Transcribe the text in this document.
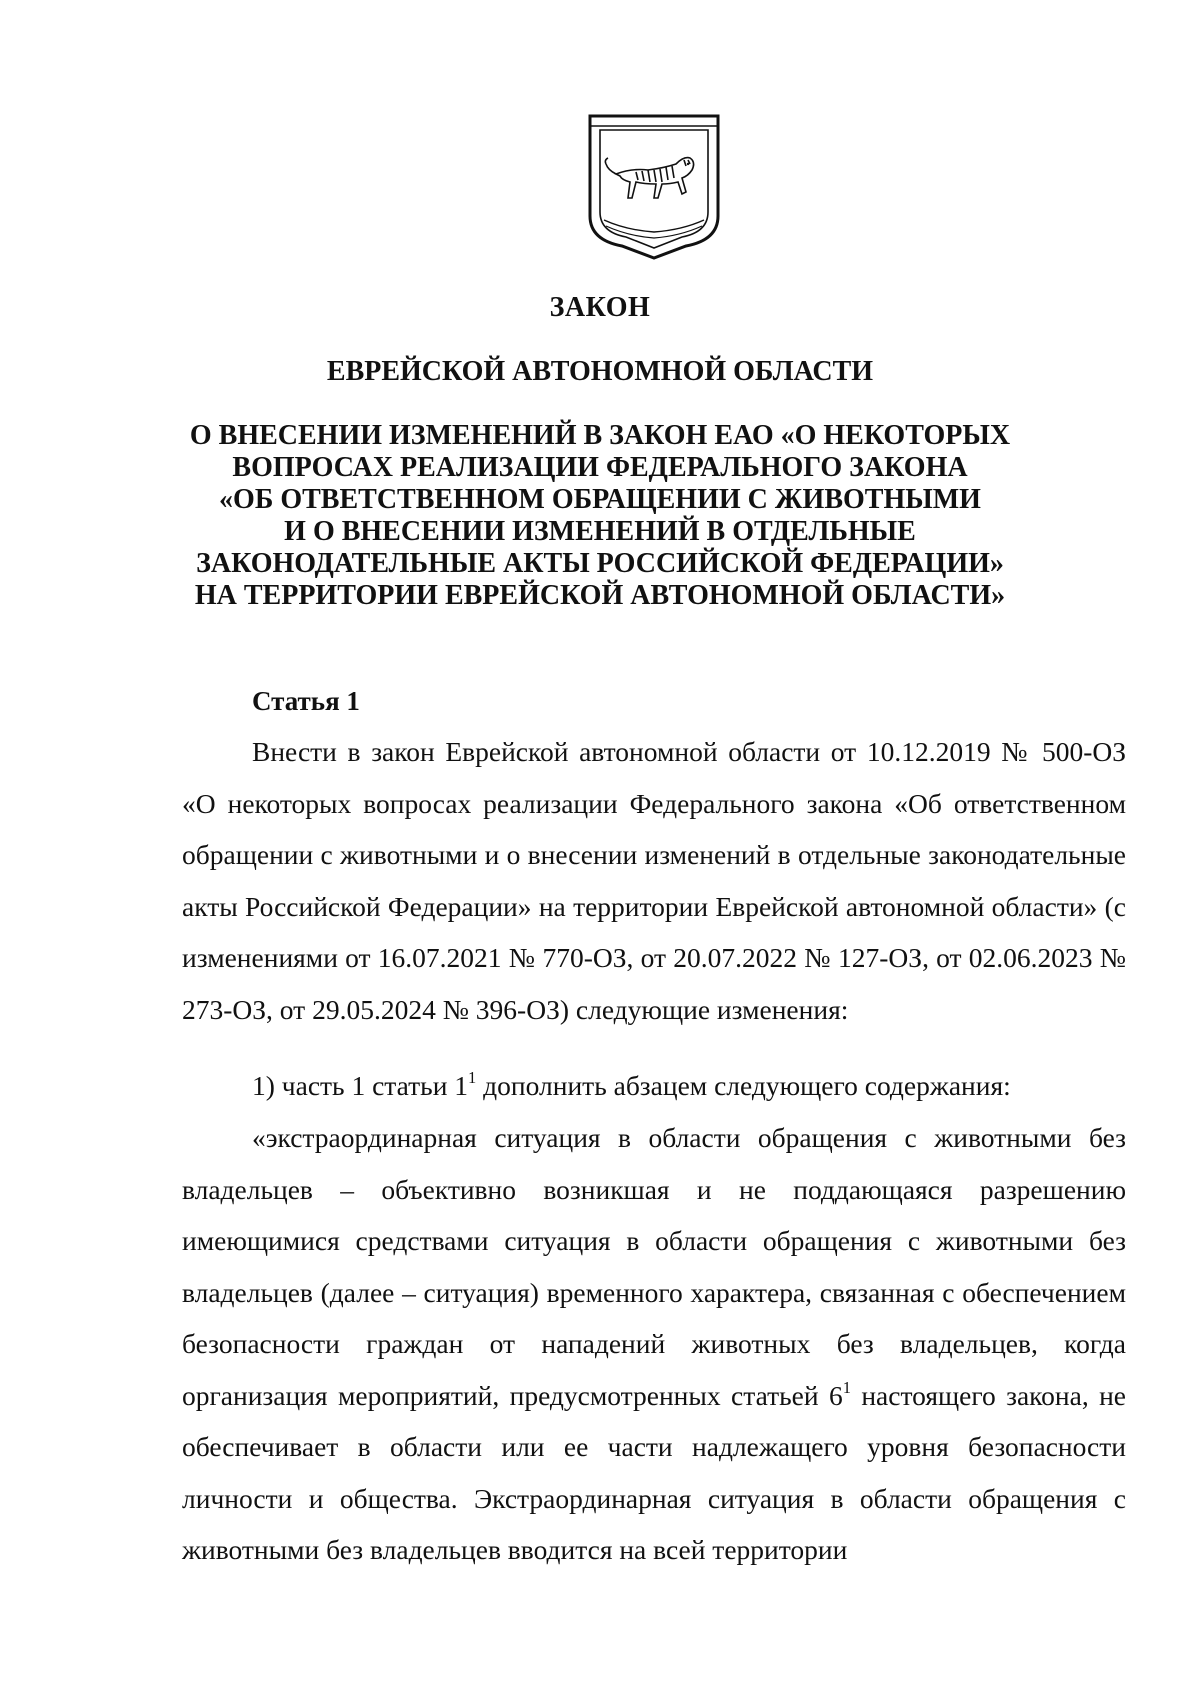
ЗАКОН
ЕВРЕЙСКОЙ АВТОНОМНОЙ ОБЛАСТИ
О ВНЕСЕНИИ ИЗМЕНЕНИЙ В ЗАКОН ЕАО «О НЕКОТОРЫХ
ВОПРОСАХ РЕАЛИЗАЦИИ ФЕДЕРАЛЬНОГО ЗАКОНА
«ОБ ОТВЕТСТВЕННОМ ОБРАЩЕНИИ С ЖИВОТНЫМИ
И О ВНЕСЕНИИ ИЗМЕНЕНИЙ В ОТДЕЛЬНЫЕ
ЗАКОНОДАТЕЛЬНЫЕ АКТЫ РОССИЙСКОЙ ФЕДЕРАЦИИ»
НА ТЕРРИТОРИИ ЕВРЕЙСКОЙ АВТОНОМНОЙ ОБЛАСТИ»
Статья 1
Внести в закон Еврейской автономной области от 10.12.2019 № 500-ОЗ «О некоторых вопросах реализации Федерального закона «Об ответственном обращении с животными и о внесении изменений в отдельные законодательные акты Российской Федерации» на территории Еврейской автономной области» (с изменениями от 16.07.2021 № 770-ОЗ, от 20.07.2022 № 127-ОЗ, от 02.06.2023 № 273-ОЗ, от 29.05.2024 № 396-ОЗ) следующие изменения:
1) часть 1 статьи $1^1$ дополнить абзацем следующего содержания:
«экстраординарная ситуация в области обращения с животными без владельцев – объективно возникшая и не поддающаяся разрешению имеющимися средствами ситуация в области обращения с животными без владельцев (далее – ситуация) временного характера, связанная с обеспечением безопасности граждан от нападений животных без владельцев, когда организация мероприятий, предусмотренных статьей $6^1$ настоящего закона, не обеспечивает в области или ее части надлежащего уровня безопасности личности и общества. Экстраординарная ситуация в области обращения с животными без владельцев вводится на всей территории
